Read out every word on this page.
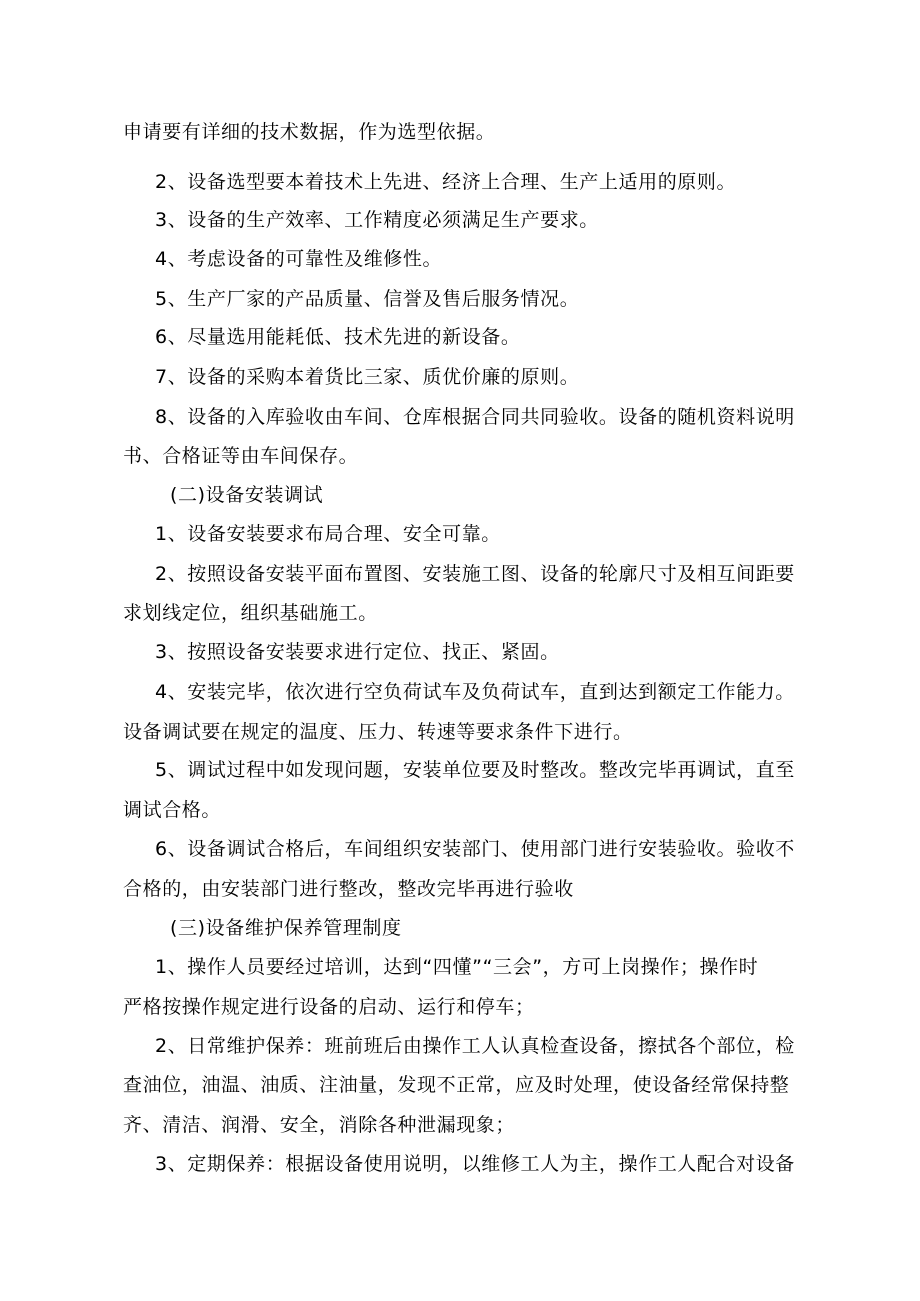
申请要有详细的技术数据，作为选型依据。
2、设备选型要本着技术上先进、经济上合理、生产上适用的原则。
3、设备的生产效率、工作精度必须满足生产要求。
4、考虑设备的可靠性及维修性。
5、生产厂家的产品质量、信誉及售后服务情况。
6、尽量选用能耗低、技术先进的新设备。
7、设备的采购本着货比三家、质优价廉的原则。
8、设备的入库验收由车间、仓库根据合同共同验收。设备的随机资料说明
书、合格证等由车间保存。
(二)设备安装调试
1、设备安装要求布局合理、安全可靠。
2、按照设备安装平面布置图、安装施工图、设备的轮廓尺寸及相互间距要
求划线定位，组织基础施工。
3、按照设备安装要求进行定位、找正、紧固。
4、安装完毕，依次进行空负荷试车及负荷试车，直到达到额定工作能力。
设备调试要在规定的温度、压力、转速等要求条件下进行。
5、调试过程中如发现问题，安装单位要及时整改。整改完毕再调试，直至
调试合格。
6、设备调试合格后，车间组织安装部门、使用部门进行安装验收。验收不
合格的，由安装部门进行整改，整改完毕再进行验收
(三)设备维护保养管理制度
1、操作人员要经过培训，达到“四懂”“三会”，方可上岗操作；操作时
严格按操作规定进行设备的启动、运行和停车；
2、日常维护保养：班前班后由操作工人认真检查设备，擦拭各个部位，检
查油位，油温、油质、注油量，发现不正常，应及时处理，使设备经常保持整
齐、清洁、润滑、安全，消除各种泄漏现象；
3、定期保养：根据设备使用说明，以维修工人为主，操作工人配合对设备
